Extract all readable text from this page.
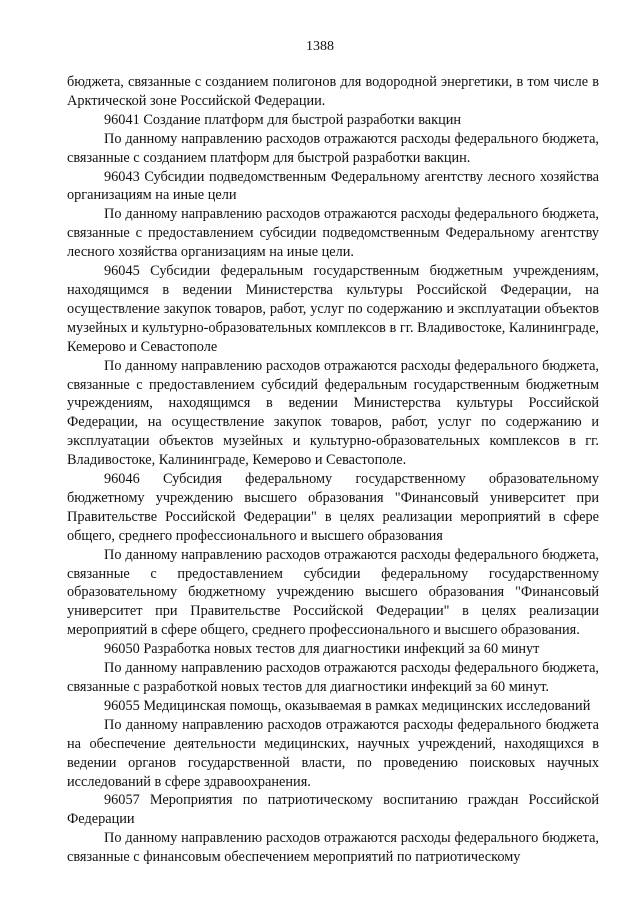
1388

бюджета, связанные с созданием полигонов для водородной энергетики, в том числе в Арктической зоне Российской Федерации.

96041 Создание платформ для быстрой разработки вакцин

По данному направлению расходов отражаются расходы федерального бюджета, связанные с созданием платформ для быстрой разработки вакцин.

96043 Субсидии подведомственным Федеральному агентству лесного хозяйства организациям на иные цели

По данному направлению расходов отражаются расходы федерального бюджета, связанные с предоставлением субсидии подведомственным Федеральному агентству лесного хозяйства организациям на иные цели.

96045 Субсидии федеральным государственным бюджетным учреждениям, находящимся в ведении Министерства культуры Российской Федерации, на осуществление закупок товаров, работ, услуг по содержанию и эксплуатации объектов музейных и культурно-образовательных комплексов в гг. Владивостоке, Калининграде, Кемерово и Севастополе

По данному направлению расходов отражаются расходы федерального бюджета, связанные с предоставлением субсидий федеральным государственным бюджетным учреждениям, находящимся в ведении Министерства культуры Российской Федерации, на осуществление закупок товаров, работ, услуг по содержанию и эксплуатации объектов музейных и культурно-образовательных комплексов в гг. Владивостоке, Калининграде, Кемерово и Севастополе.

96046 Субсидия федеральному государственному образовательному бюджетному учреждению высшего образования "Финансовый университет при Правительстве Российской Федерации" в целях реализации мероприятий в сфере общего, среднего профессионального и высшего образования

По данному направлению расходов отражаются расходы федерального бюджета, связанные с предоставлением субсидии федеральному государственному образовательному бюджетному учреждению высшего образования "Финансовый университет при Правительстве Российской Федерации" в целях реализации мероприятий в сфере общего, среднего профессионального и высшего образования.

96050 Разработка новых тестов для диагностики инфекций за 60 минут

По данному направлению расходов отражаются расходы федерального бюджета, связанные с разработкой новых тестов для диагностики инфекций за 60 минут.

96055 Медицинская помощь, оказываемая в рамках медицинских исследований

По данному направлению расходов отражаются расходы федерального бюджета на обеспечение деятельности медицинских, научных учреждений, находящихся в ведении органов государственной власти, по проведению поисковых научных исследований в сфере здравоохранения.

96057 Мероприятия по патриотическому воспитанию граждан Российской Федерации

По данному направлению расходов отражаются расходы федерального бюджета, связанные с финансовым обеспечением мероприятий по патриотическому
